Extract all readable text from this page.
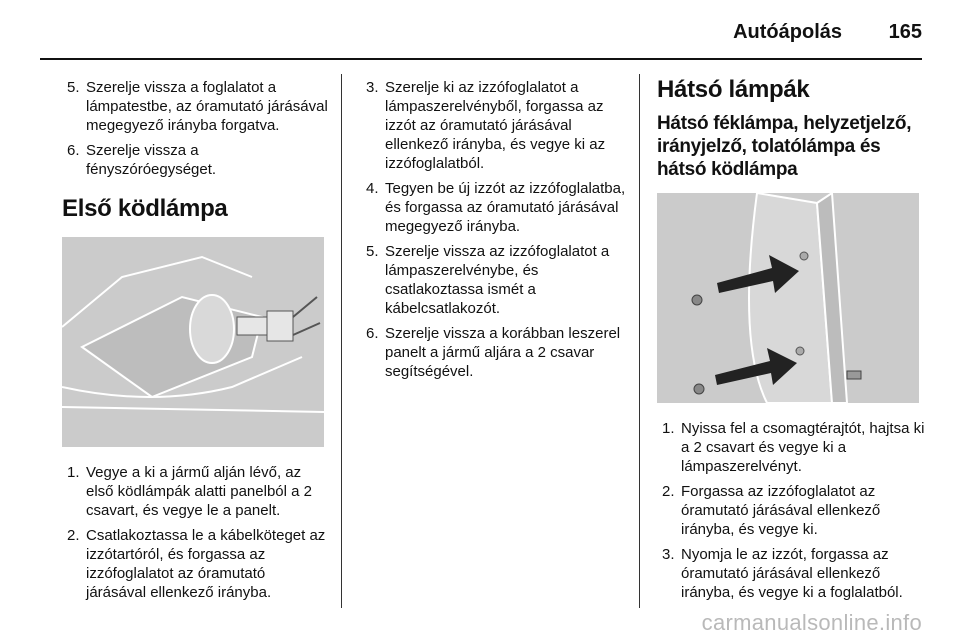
Autóápolás 165
5. Szerelje vissza a foglalatot a lámpatestbe, az óramutató járásával megegyező irányba forgatva.
6. Szerelje vissza a fényszóróegységet.
Első ködlámpa
1. Vegye a ki a jármű alján lévő, az első ködlámpák alatti panelból a 2 csavart, és vegye le a panelt.
2. Csatlakoztassa le a kábelköteget az izzótartóról, és forgassa az izzófoglalatot az óramutató járásával ellenkező irányba.
3. Szerelje ki az izzófoglalatot a lámpaszerelvényből, forgassa az izzót az óramutató járásával ellenkező irányba, és vegye ki az izzófoglalatból.
4. Tegyen be új izzót az izzófoglalatba, és forgassa az óramutató járásával megegyező irányba.
5. Szerelje vissza az izzófoglalatot a lámpaszerelvénybe, és csatlakoztassa ismét a kábelcsatlakozót.
6. Szerelje vissza a korábban leszerel panelt a jármű aljára a 2 csavar segítségével.
Hátsó lámpák
Hátsó féklámpa, helyzetjelző, irányjelző, tolatólámpa és hátsó ködlámpa
1. Nyissa fel a csomagtérajtót, hajtsa ki a 2 csavart és vegye ki a lámpaszerelvényt.
2. Forgassa az izzófoglalatot az óramutató járásával ellenkező irányba, és vegye ki.
3. Nyomja le az izzót, forgassa az óramutató járásával ellenkező irányba, és vegye ki a foglalatból.
carmanualsonline.info
